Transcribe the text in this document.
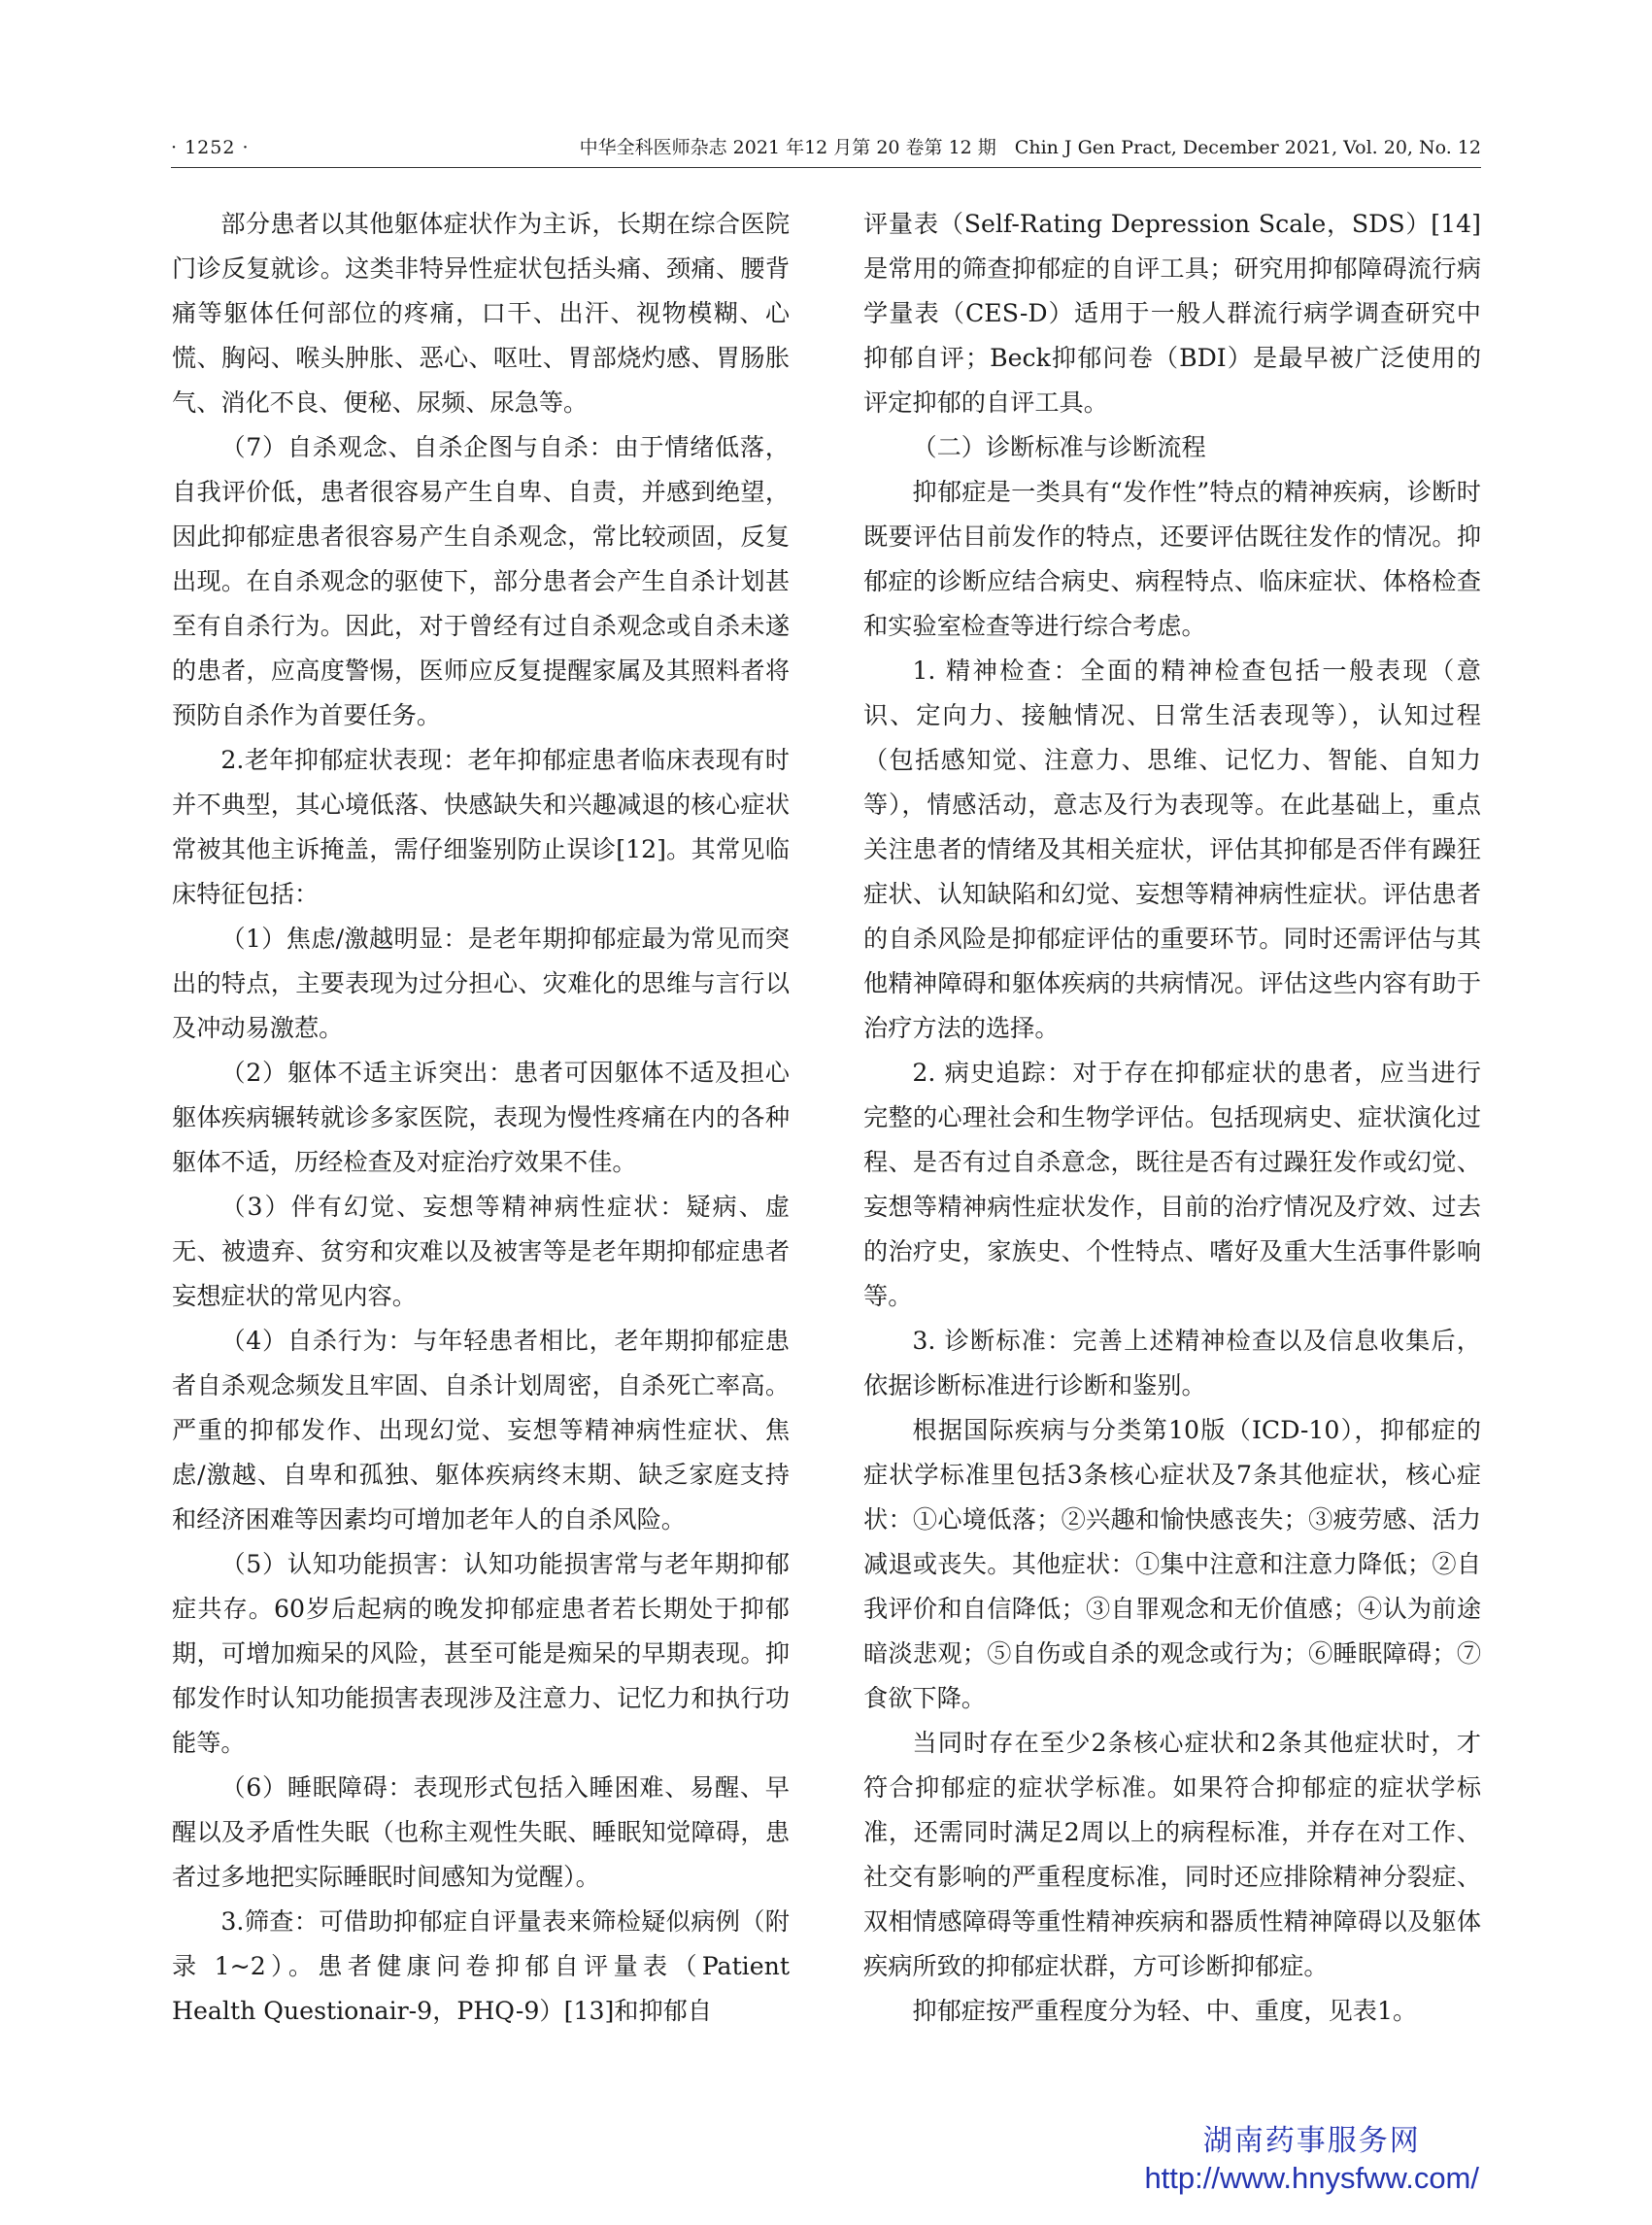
· 1252 ·	中华全科医师杂志 2021 年12 月第 20 卷第 12 期　Chin J Gen Pract, December 2021, Vol. 20, No. 12

部分患者以其他躯体症状作为主诉，长期在综合医院门诊反复就诊。这类非特异性症状包括头痛、颈痛、腰背痛等躯体任何部位的疼痛，口干、出汗、视物模糊、心慌、胸闷、喉头肿胀、恶心、呕吐、胃部烧灼感、胃肠胀气、消化不良、便秘、尿频、尿急等。

（7）自杀观念、自杀企图与自杀：由于情绪低落，自我评价低，患者很容易产生自卑、自责，并感到绝望，因此抑郁症患者很容易产生自杀观念，常比较顽固，反复出现。在自杀观念的驱使下，部分患者会产生自杀计划甚至有自杀行为。因此，对于曾经有过自杀观念或自杀未遂的患者，应高度警惕，医师应反复提醒家属及其照料者将预防自杀作为首要任务。

2.老年抑郁症状表现：老年抑郁症患者临床表现有时并不典型，其心境低落、快感缺失和兴趣减退的核心症状常被其他主诉掩盖，需仔细鉴别防止误诊[12]。其常见临床特征包括：

（1）焦虑/激越明显：是老年期抑郁症最为常见而突出的特点，主要表现为过分担心、灾难化的思维与言行以及冲动易激惹。

（2）躯体不适主诉突出：患者可因躯体不适及担心躯体疾病辗转就诊多家医院，表现为慢性疼痛在内的各种躯体不适，历经检查及对症治疗效果不佳。

（3）伴有幻觉、妄想等精神病性症状：疑病、虚无、被遗弃、贫穷和灾难以及被害等是老年期抑郁症患者妄想症状的常见内容。

（4）自杀行为：与年轻患者相比，老年期抑郁症患者自杀观念频发且牢固、自杀计划周密，自杀死亡率高。严重的抑郁发作、出现幻觉、妄想等精神病性症状、焦虑/激越、自卑和孤独、躯体疾病终末期、缺乏家庭支持和经济困难等因素均可增加老年人的自杀风险。

（5）认知功能损害：认知功能损害常与老年期抑郁症共存。60岁后起病的晚发抑郁症患者若长期处于抑郁期，可增加痴呆的风险，甚至可能是痴呆的早期表现。抑郁发作时认知功能损害表现涉及注意力、记忆力和执行功能等。

（6）睡眠障碍：表现形式包括入睡困难、易醒、早醒以及矛盾性失眠（也称主观性失眠、睡眠知觉障碍，患者过多地把实际睡眠时间感知为觉醒）。

3.筛查：可借助抑郁症自评量表来筛检疑似病例（附录 1~2）。患者健康问卷抑郁自评量表（Patient Health Questionair-9，PHQ-9）[13]和抑郁自

评量表（Self-Rating Depression Scale，SDS）[14]是常用的筛查抑郁症的自评工具；研究用抑郁障碍流行病学量表（CES-D）适用于一般人群流行病学调查研究中抑郁自评；Beck抑郁问卷（BDI）是最早被广泛使用的评定抑郁的自评工具。

（二）诊断标准与诊断流程

抑郁症是一类具有“发作性”特点的精神疾病，诊断时既要评估目前发作的特点，还要评估既往发作的情况。抑郁症的诊断应结合病史、病程特点、临床症状、体格检查和实验室检查等进行综合考虑。

1. 精神检查：全面的精神检查包括一般表现（意识、定向力、接触情况、日常生活表现等），认知过程（包括感知觉、注意力、思维、记忆力、智能、自知力等），情感活动，意志及行为表现等。在此基础上，重点关注患者的情绪及其相关症状，评估其抑郁是否伴有躁狂症状、认知缺陷和幻觉、妄想等精神病性症状。评估患者的自杀风险是抑郁症评估的重要环节。同时还需评估与其他精神障碍和躯体疾病的共病情况。评估这些内容有助于治疗方法的选择。

2. 病史追踪：对于存在抑郁症状的患者，应当进行完整的心理社会和生物学评估。包括现病史、症状演化过程、是否有过自杀意念，既往是否有过躁狂发作或幻觉、妄想等精神病性症状发作，目前的治疗情况及疗效、过去的治疗史，家族史、个性特点、嗜好及重大生活事件影响等。

3. 诊断标准：完善上述精神检查以及信息收集后，依据诊断标准进行诊断和鉴别。

根据国际疾病与分类第10版（ICD-10），抑郁症的症状学标准里包括3条核心症状及7条其他症状，核心症状：①心境低落；②兴趣和愉快感丧失；③疲劳感、活力减退或丧失。其他症状：①集中注意和注意力降低；②自我评价和自信降低；③自罪观念和无价值感；④认为前途暗淡悲观；⑤自伤或自杀的观念或行为；⑥睡眠障碍；⑦食欲下降。

当同时存在至少2条核心症状和2条其他症状时，才符合抑郁症的症状学标准。如果符合抑郁症的症状学标准，还需同时满足2周以上的病程标准，并存在对工作、社交有影响的严重程度标准，同时还应排除精神分裂症、双相情感障碍等重性精神疾病和器质性精神障碍以及躯体疾病所致的抑郁症状群，方可诊断抑郁症。

抑郁症按严重程度分为轻、中、重度，见表1。

湖南药事服务网
http://www.hnysfww.com/
